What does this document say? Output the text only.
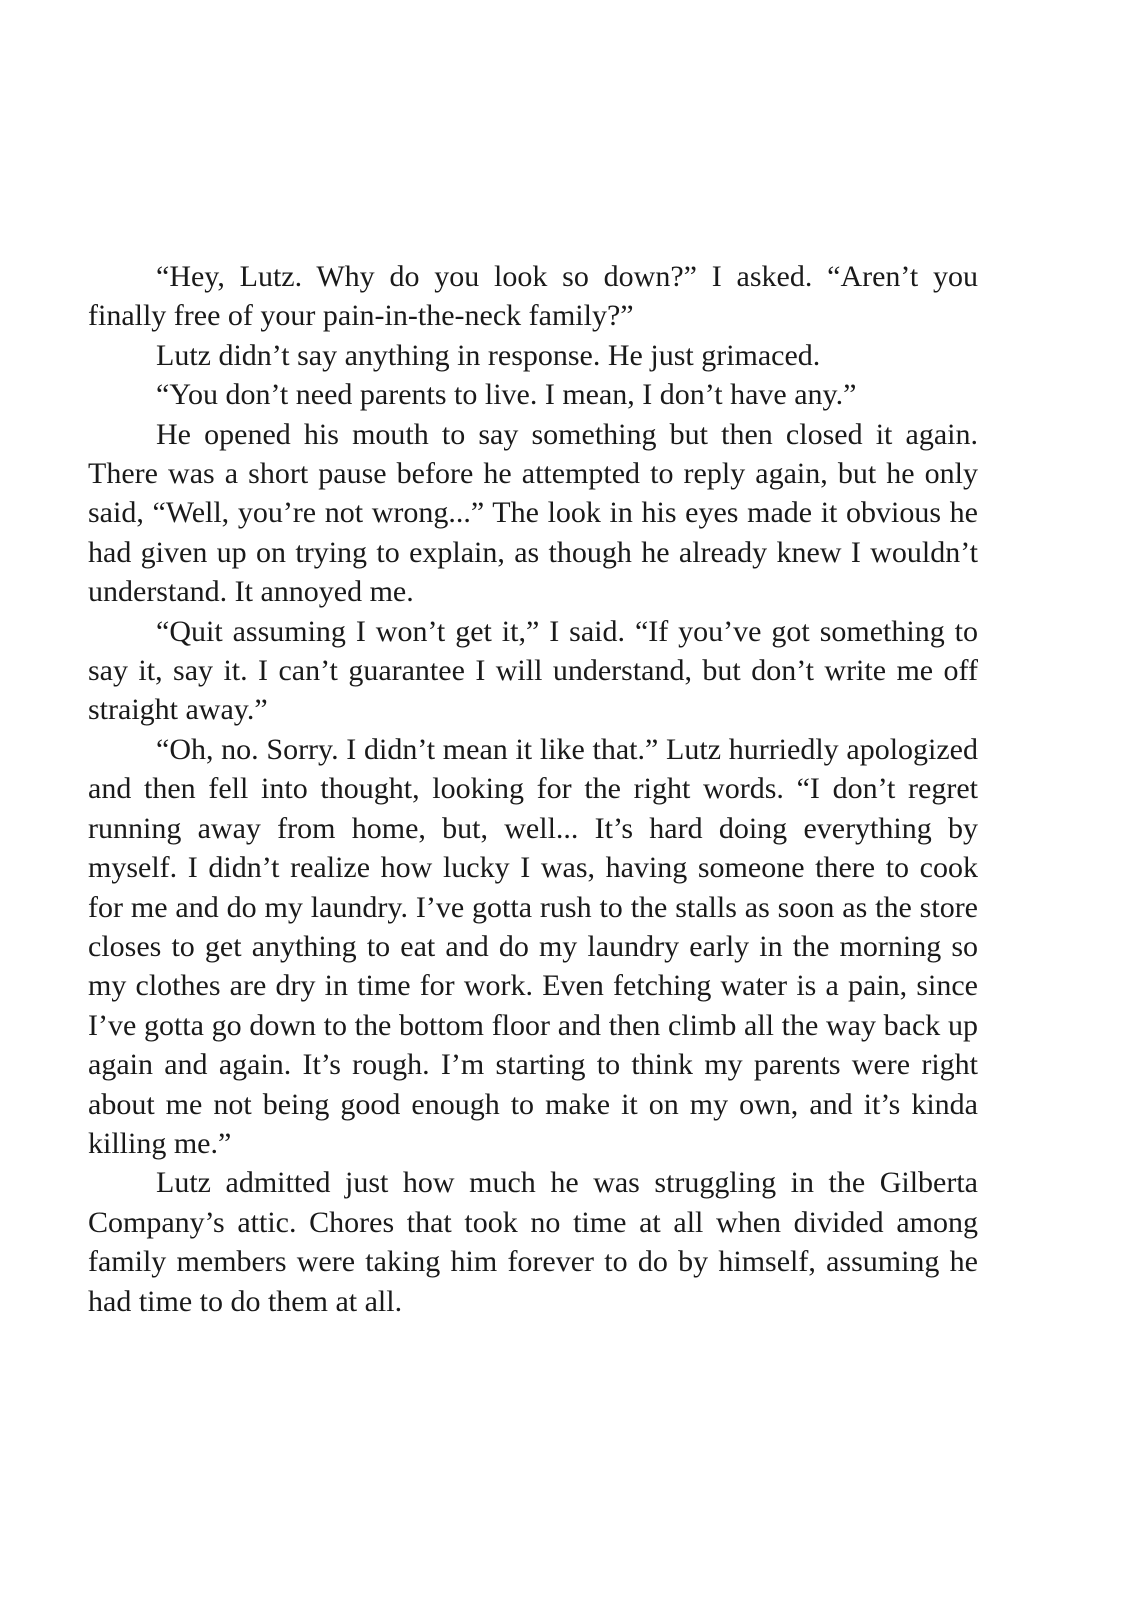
“Hey, Lutz. Why do you look so down?” I asked. “Aren’t you finally free of your pain-in-the-neck family?”

Lutz didn’t say anything in response. He just grimaced.

“You don’t need parents to live. I mean, I don’t have any.”

He opened his mouth to say something but then closed it again. There was a short pause before he attempted to reply again, but he only said, “Well, you’re not wrong...” The look in his eyes made it obvious he had given up on trying to explain, as though he already knew I wouldn’t understand. It annoyed me.

“Quit assuming I won’t get it,” I said. “If you’ve got something to say it, say it. I can’t guarantee I will understand, but don’t write me off straight away.”

“Oh, no. Sorry. I didn’t mean it like that.” Lutz hurriedly apologized and then fell into thought, looking for the right words. “I don’t regret running away from home, but, well... It’s hard doing everything by myself. I didn’t realize how lucky I was, having someone there to cook for me and do my laundry. I’ve gotta rush to the stalls as soon as the store closes to get anything to eat and do my laundry early in the morning so my clothes are dry in time for work. Even fetching water is a pain, since I’ve gotta go down to the bottom floor and then climb all the way back up again and again. It’s rough. I’m starting to think my parents were right about me not being good enough to make it on my own, and it’s kinda killing me.”

Lutz admitted just how much he was struggling in the Gilberta Company’s attic. Chores that took no time at all when divided among family members were taking him forever to do by himself, assuming he had time to do them at all.
